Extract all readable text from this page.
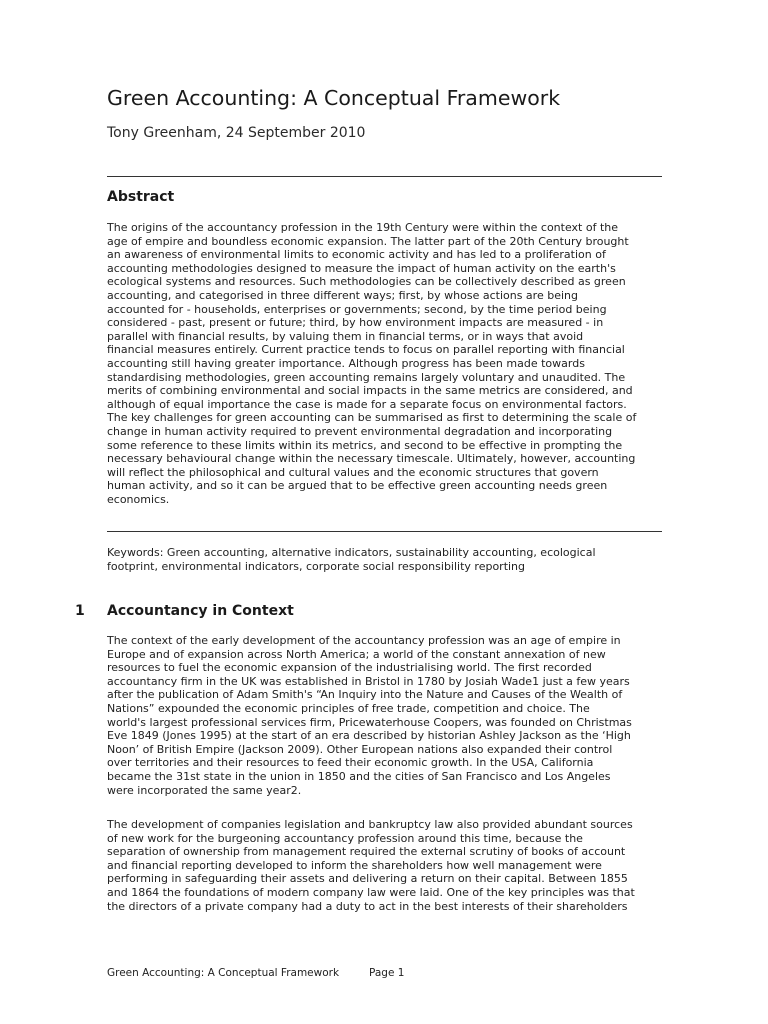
Green Accounting: A Conceptual Framework
Tony Greenham, 24 September 2010
Abstract
The origins of the accountancy profession in the 19th Century were within the context of the
age of empire and boundless economic expansion. The latter part of the 20th Century brought
an awareness of environmental limits to economic activity and has led to a proliferation of
accounting methodologies designed to measure the impact of human activity on the earth's
ecological systems and resources. Such methodologies can be collectively described as green
accounting, and categorised in three different ways; first, by whose actions are being
accounted for - households, enterprises or governments; second, by the time period being
considered - past, present or future; third, by how environment impacts are measured - in
parallel with financial results, by valuing them in financial terms, or in ways that avoid
financial measures entirely. Current practice tends to focus on parallel reporting with financial
accounting still having greater importance. Although progress has been made towards
standardising methodologies, green accounting remains largely voluntary and unaudited. The
merits of combining environmental and social impacts in the same metrics are considered, and
although of equal importance the case is made for a separate focus on environmental factors.
The key challenges for green accounting can be summarised as first to determining the scale of
change in human activity required to prevent environmental degradation and incorporating
some reference to these limits within its metrics, and second to be effective in prompting the
necessary behavioural change within the necessary timescale. Ultimately, however, accounting
will reflect the philosophical and cultural values and the economic structures that govern
human activity, and so it can be argued that to be effective green accounting needs green
economics.
Keywords: Green accounting, alternative indicators, sustainability accounting, ecological
footprint, environmental indicators, corporate social responsibility reporting
1 Accountancy in Context
The context of the early development of the accountancy profession was an age of empire in
Europe and of expansion across North America; a world of the constant annexation of new
resources to fuel the economic expansion of the industrialising world. The first recorded
accountancy firm in the UK was established in Bristol in 1780 by Josiah Wade1 just a few years
after the publication of Adam Smith's “An Inquiry into the Nature and Causes of the Wealth of
Nations” expounded the economic principles of free trade, competition and choice. The
world's largest professional services firm, Pricewaterhouse Coopers, was founded on Christmas
Eve 1849 (Jones 1995) at the start of an era described by historian Ashley Jackson as the ‘High
Noon’ of British Empire (Jackson 2009). Other European nations also expanded their control
over territories and their resources to feed their economic growth. In the USA, California
became the 31st state in the union in 1850 and the cities of San Francisco and Los Angeles
were incorporated the same year2.
The development of companies legislation and bankruptcy law also provided abundant sources
of new work for the burgeoning accountancy profession around this time, because the
separation of ownership from management required the external scrutiny of books of account
and financial reporting developed to inform the shareholders how well management were
performing in safeguarding their assets and delivering a return on their capital. Between 1855
and 1864 the foundations of modern company law were laid. One of the key principles was that
the directors of a private company had a duty to act in the best interests of their shareholders
Green Accounting: A Conceptual Framework	Page 1
